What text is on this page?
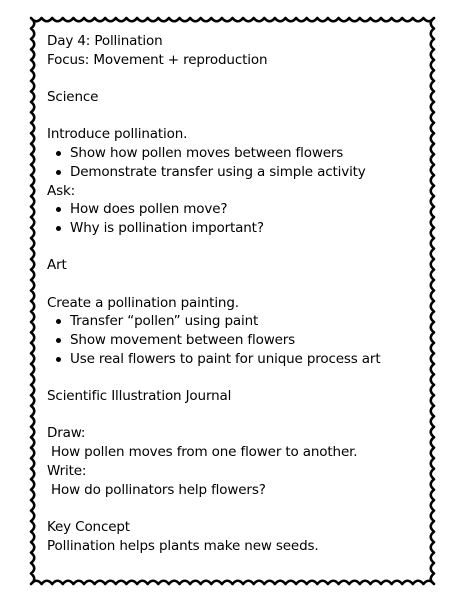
Day 4: Pollination
Focus: Movement + reproduction
Science
Introduce pollination.
Show how pollen moves between flowers
Demonstrate transfer using a simple activity
Ask:
How does pollen move?
Why is pollination important?
Art
Create a pollination painting.
Transfer “pollen” using paint
Show movement between flowers
Use real flowers to paint for unique process art
Scientific Illustration Journal
Draw:
How pollen moves from one flower to another.
Write:
How do pollinators help flowers?
Key Concept
Pollination helps plants make new seeds.
